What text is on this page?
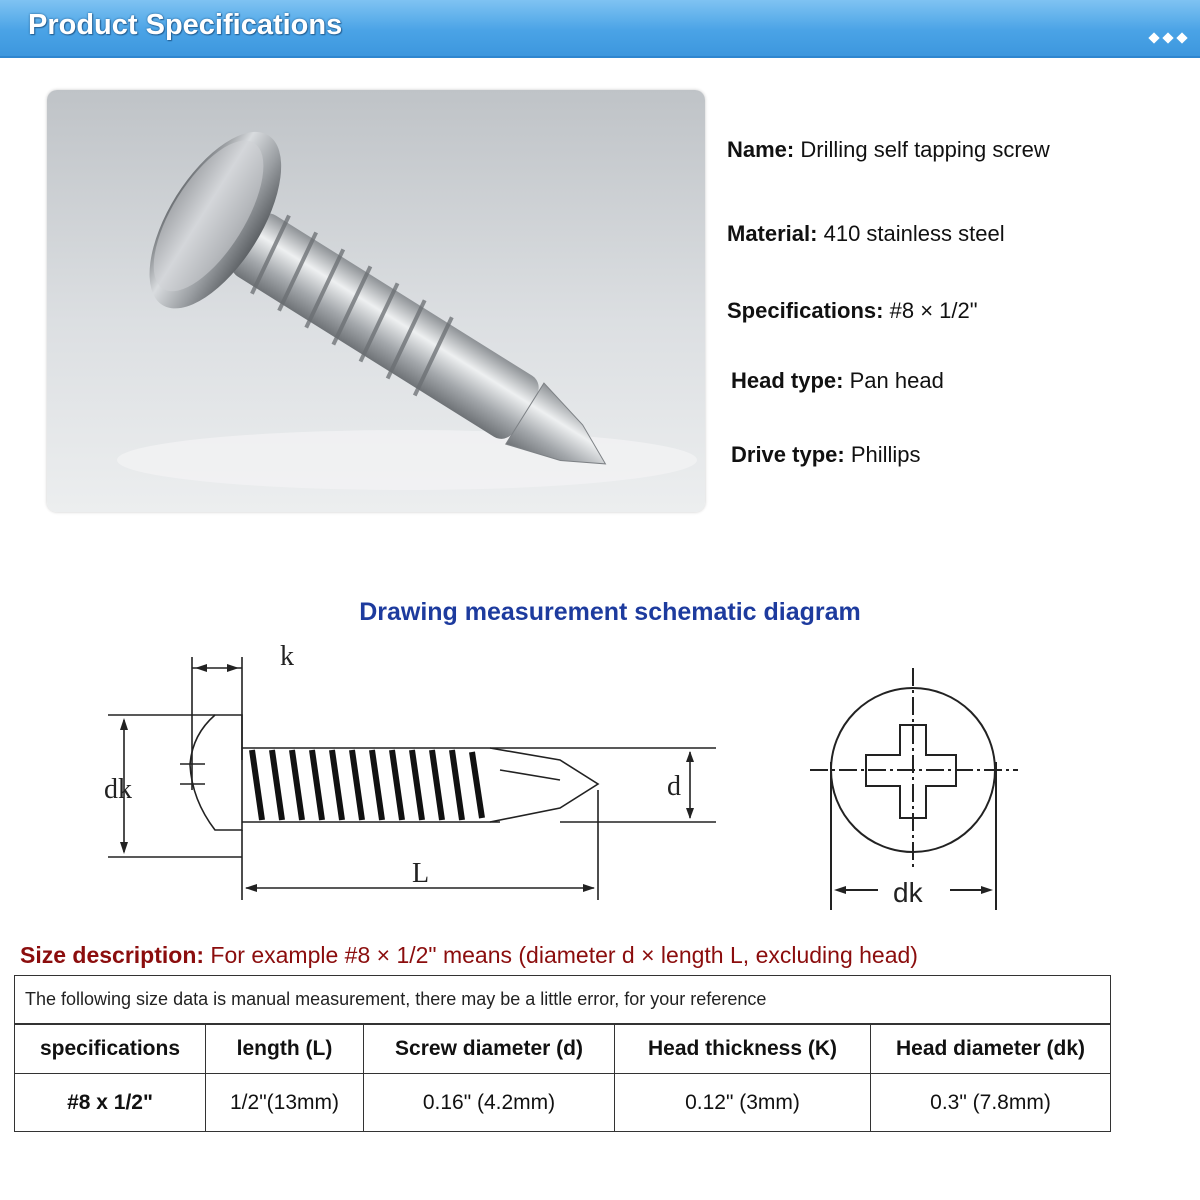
Product Specifications
Name: Drilling self tapping screw
Material: 410 stainless steel
Specifications: #8 × 1/2"
Head type: Pan head
Drive type: Phillips
Drawing measurement schematic diagram
k
dk	d
L
dk
Size description: For example #8 × 1/2" means (diameter d × length L, excluding head)
The following size data is manual measurement, there may be a little error, for your reference				
specifications	length (L)	Screw diameter (d)	Head thickness (K)	Head diameter (dk)
#8 x 1/2"	1/2"(13mm)	0.16" (4.2mm)	0.12" (3mm)	0.3" (7.8mm)
